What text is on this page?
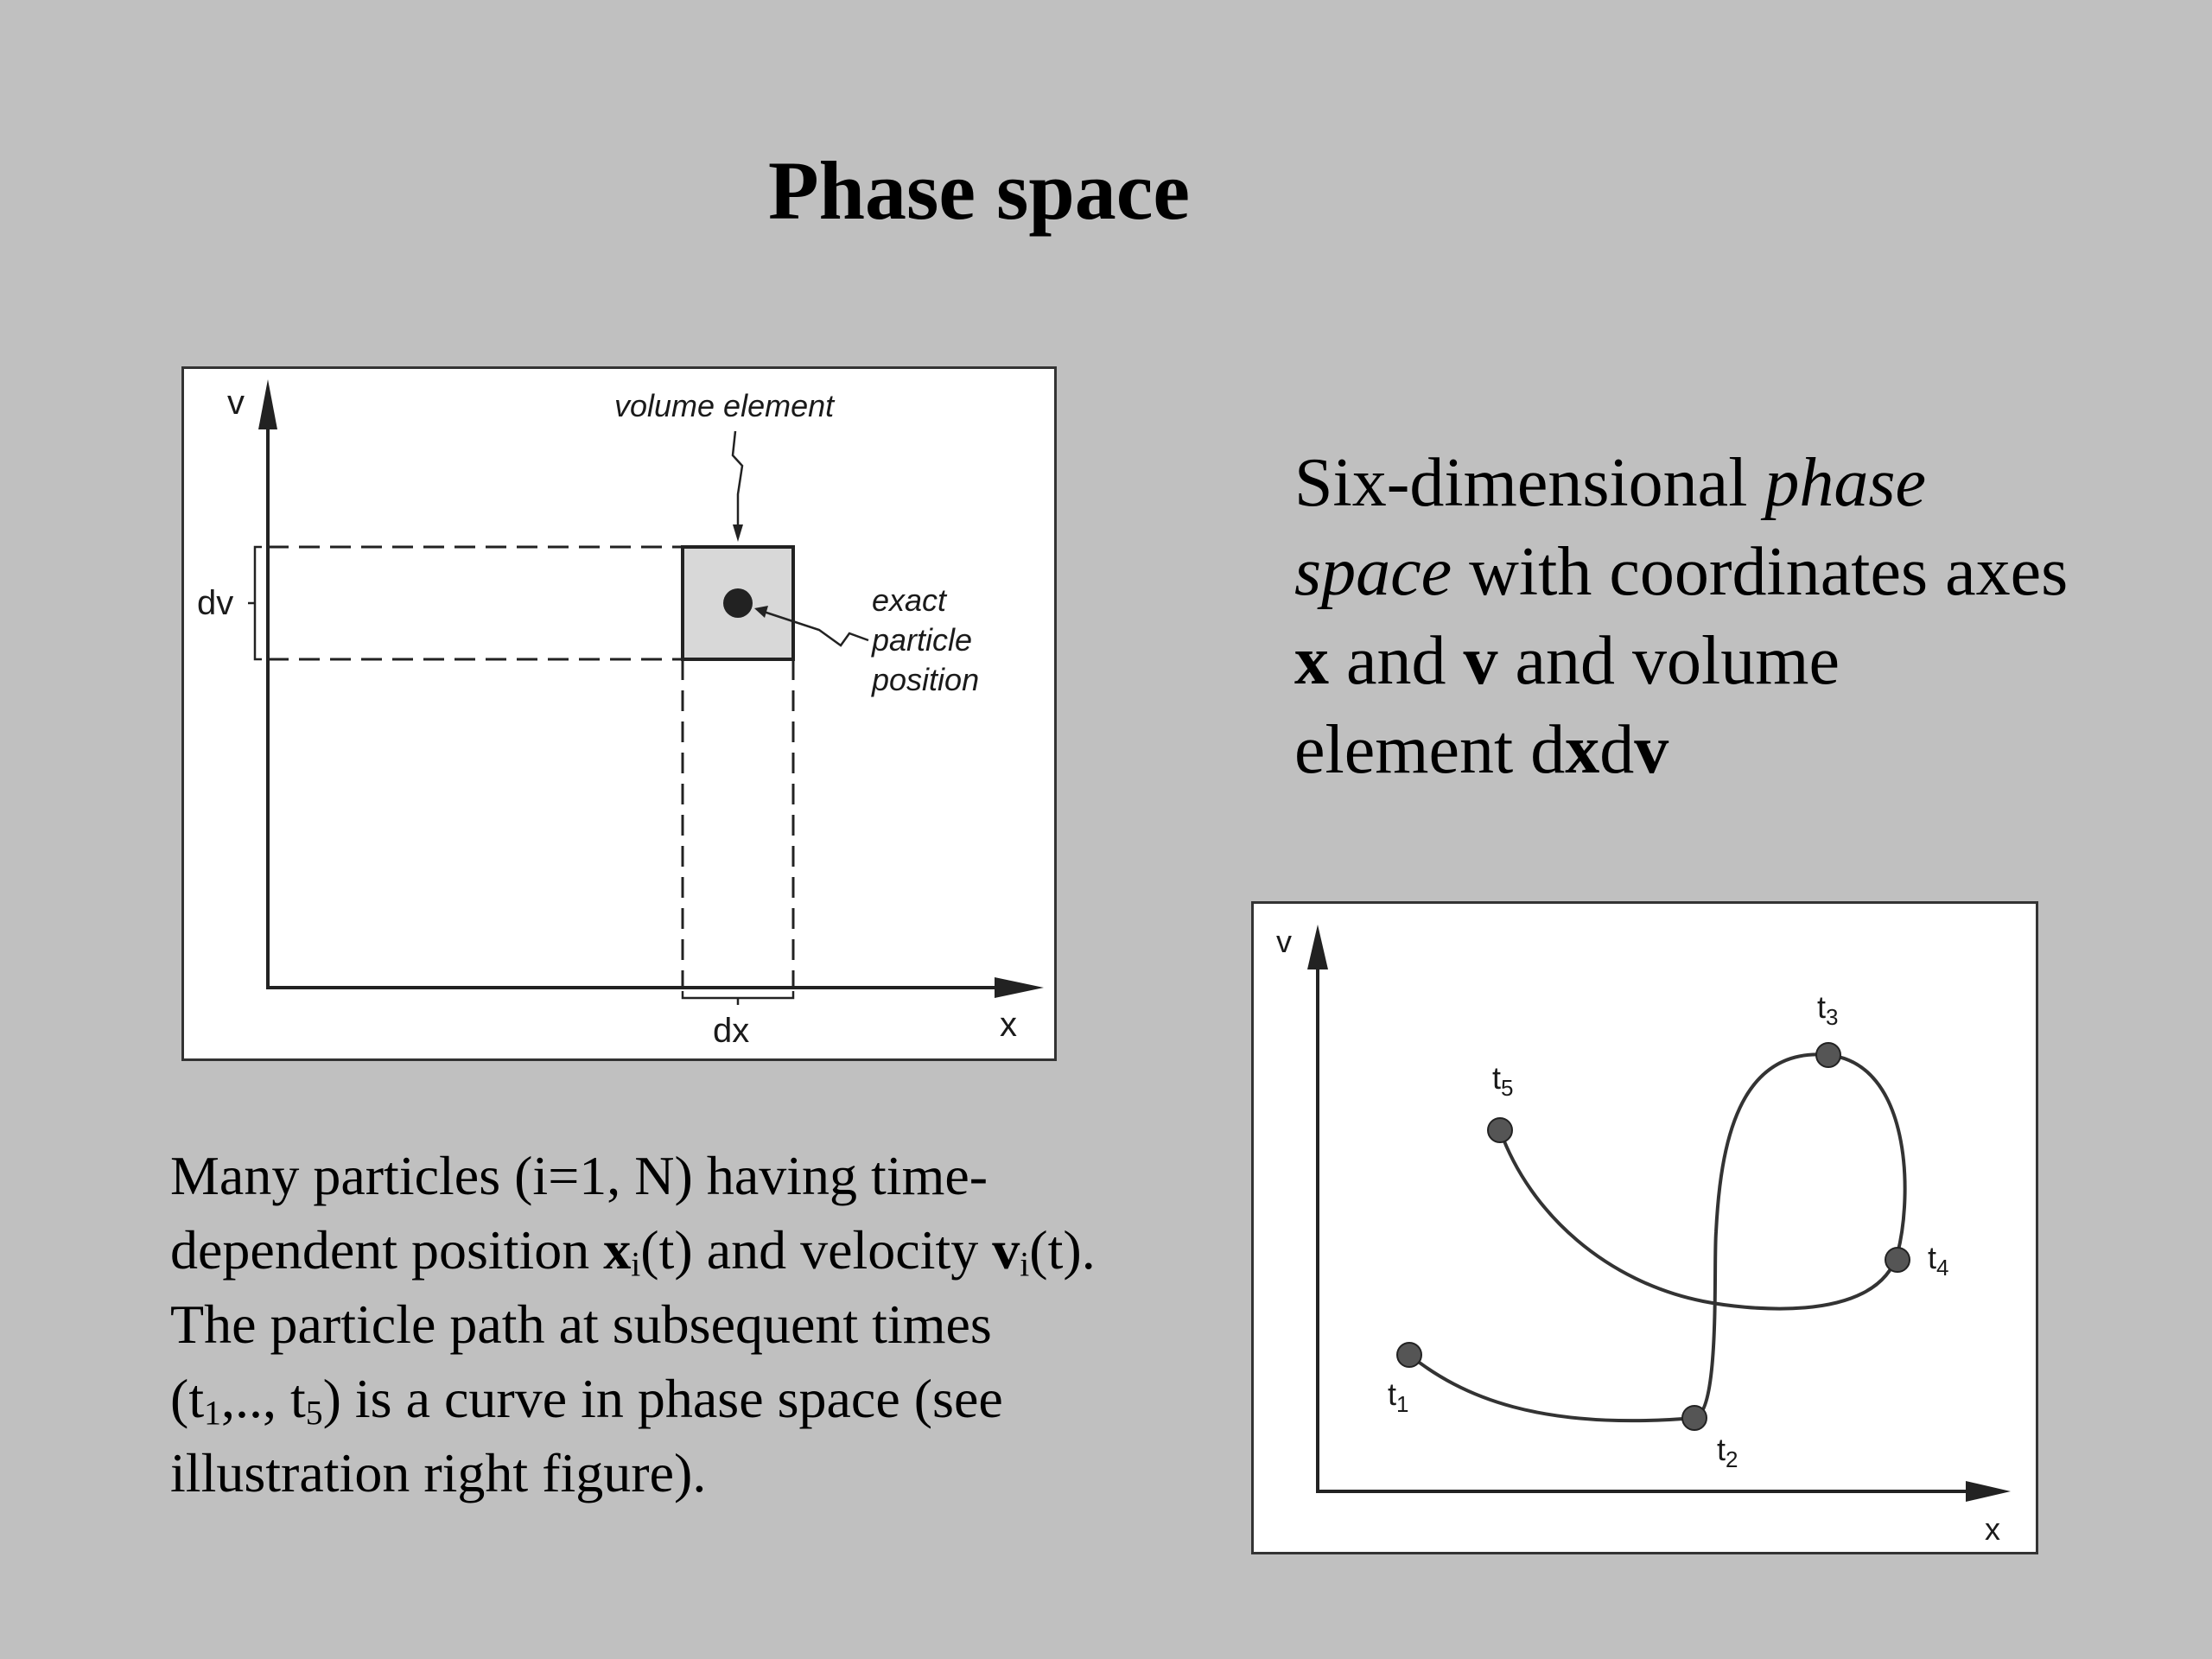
Phase space
v
x
dv
dx
volume element
exact
particle
position
v
x
$t_1$
$t_2$
$t_3$
$t_4$
$t_5$
Six-dimensional phase space with coordinates axes x and v and volume element dxdv
Many particles (i=1, N) having time-dependent position $x_i(t)$ and velocity $v_i(t)$. The particle path at subsequent times ($t_1$,.., $t_5$) is a curve in phase space (see illustration right figure).
